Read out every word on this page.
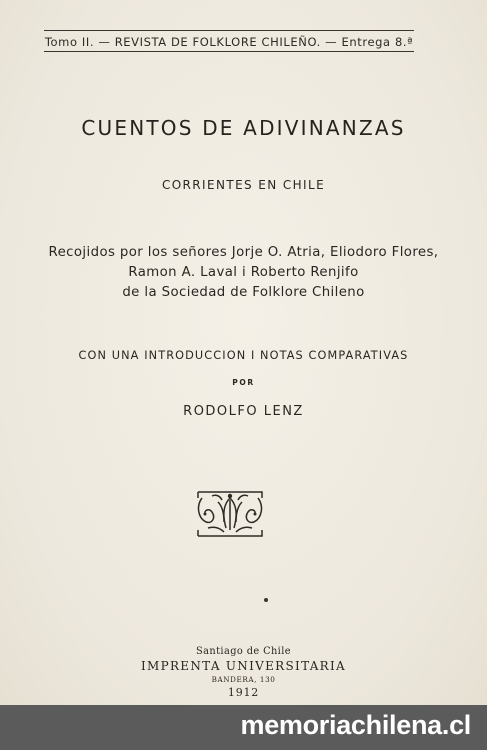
Tomo II. — REVISTA DE FOLKLORE CHILEÑO. — Entrega 8.ª
CUENTOS DE ADIVINANZAS
CORRIENTES EN CHILE
Recojidos por los señores Jorje O. Atria, Eliodoro Flores,
Ramon A. Laval i Roberto Renjifo
de la Sociedad de Folklore Chileno
CON UNA INTRODUCCION I NOTAS COMPARATIVAS
POR
RODOLFO LENZ
Santiago de Chile
IMPRENTA UNIVERSITARIA
BANDERA, 130
1912
memoriachilena.cl
